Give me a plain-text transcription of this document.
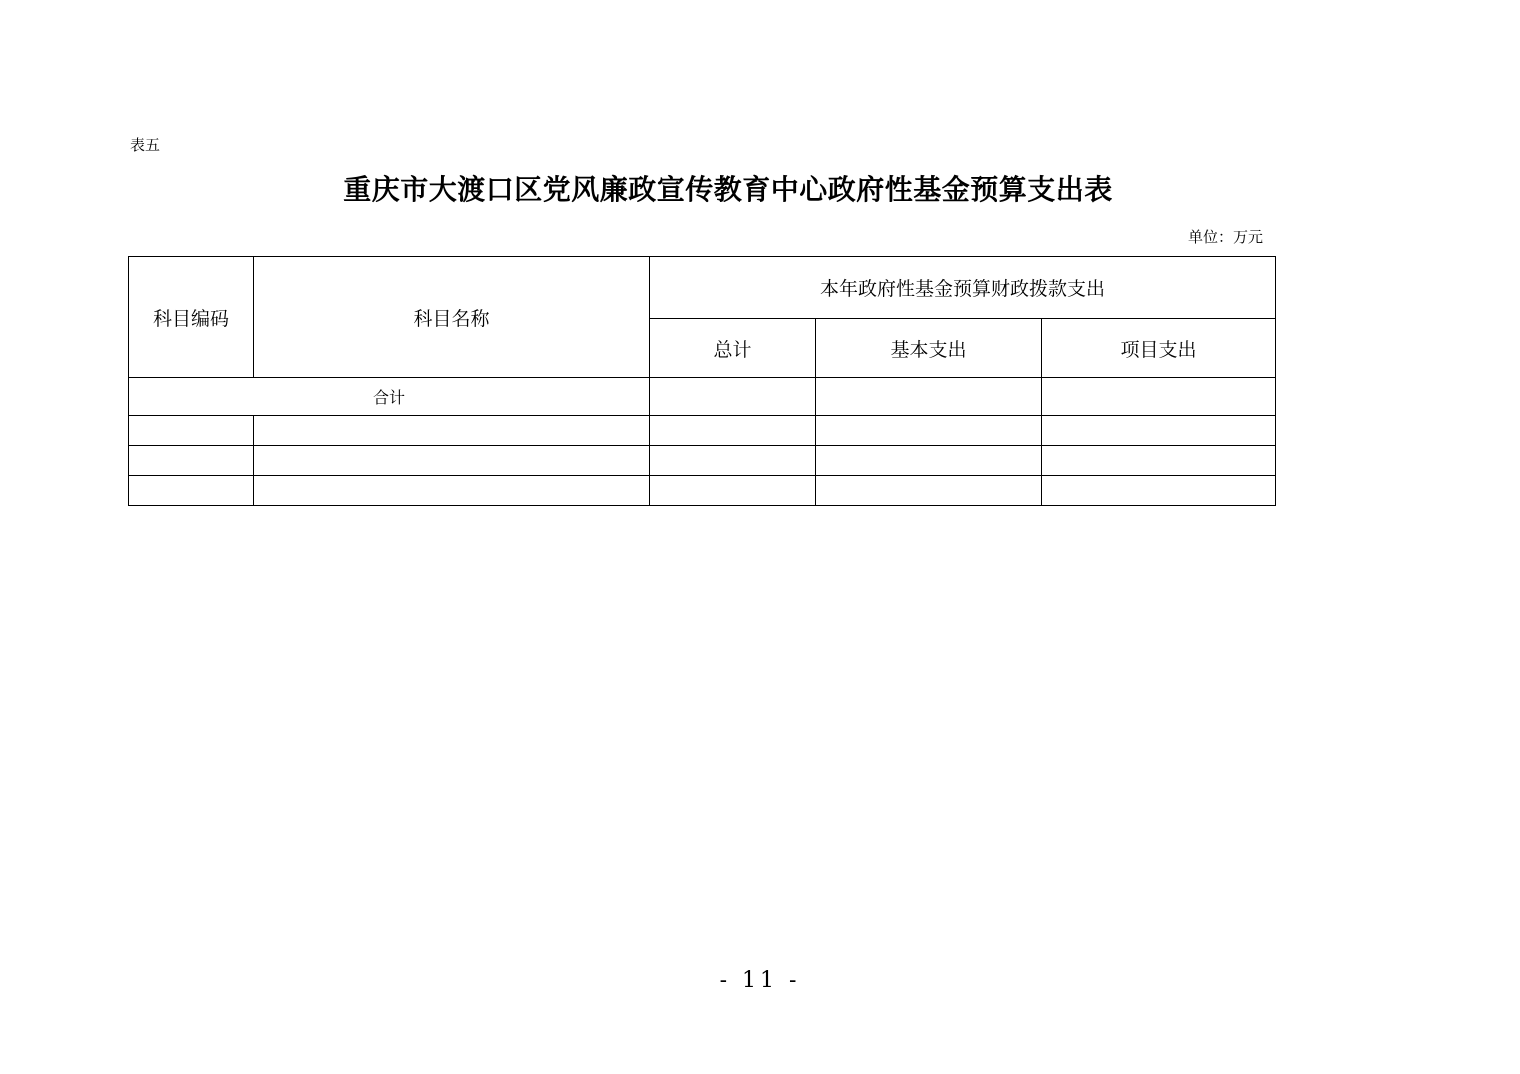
表五
重庆市大渡口区党风廉政宣传教育中心政府性基金预算支出表
单位：万元
科目编码	科目名称	本年政府性基金预算财政拨款支出		
		总计	基本支出	项目支出
合计				

- 11 -
